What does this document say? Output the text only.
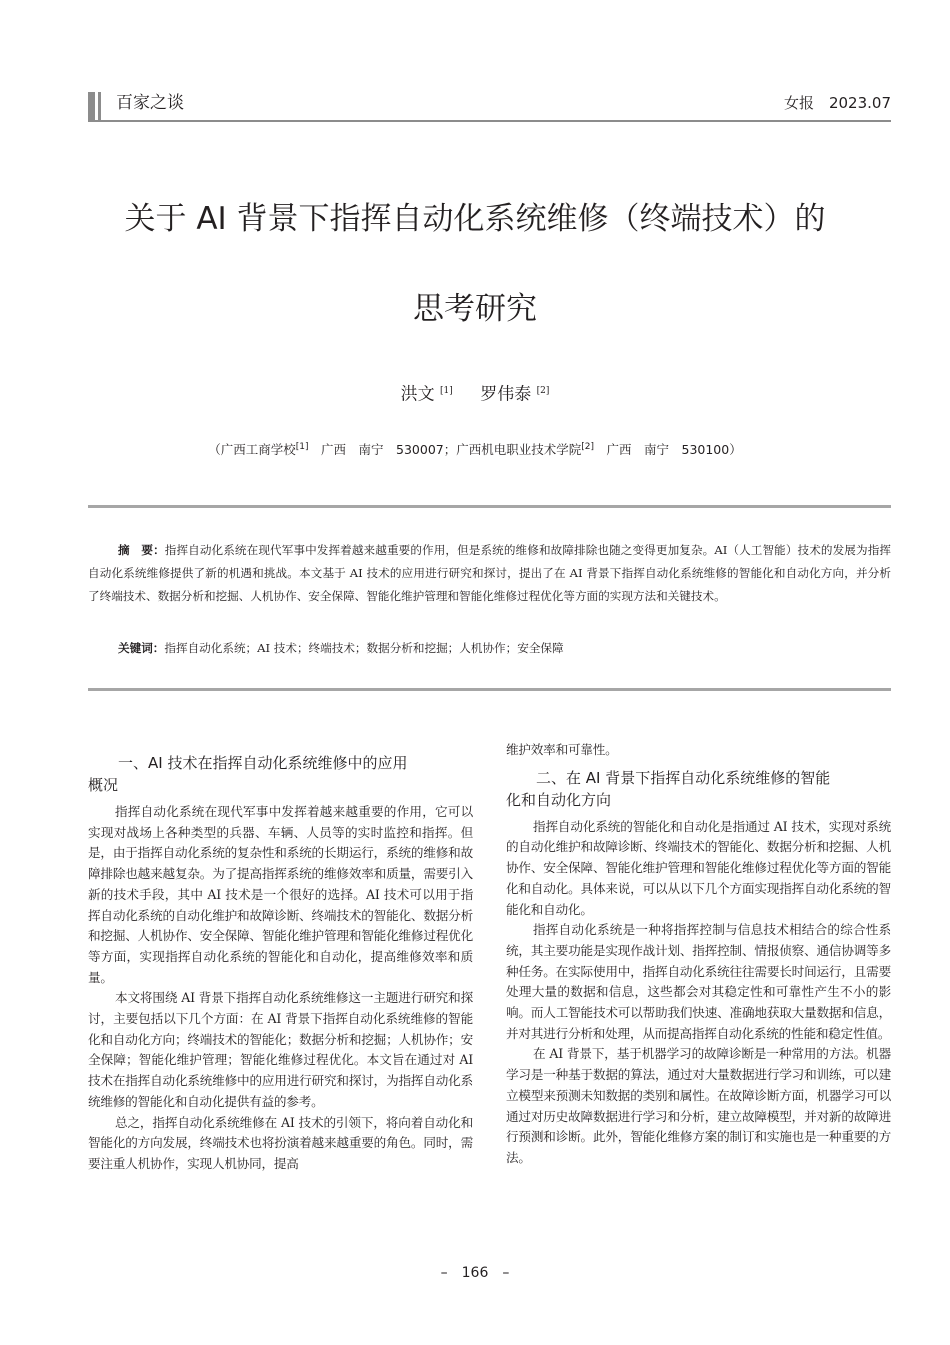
百家之谈	女报　2023.07
关于 AI 背景下指挥自动化系统维修（终端技术）的
思考研究
洪文 [1] 罗伟泰 [2]
（广西工商学校[1]　广西　南宁　530007；广西机电职业技术学院[2]　广西　南宁　530100）

摘　要：指挥自动化系统在现代军事中发挥着越来越重要的作用，但是系统的维修和故障排除也随之变得更加复杂。AI（人工智能）技术的发展为指挥自动化系统维修提供了新的机遇和挑战。本文基于 AI 技术的应用进行研究和探讨，提出了在 AI 背景下指挥自动化系统维修的智能化和自动化方向，并分析了终端技术、数据分析和挖掘、人机协作、安全保障、智能化维护管理和智能化维修过程优化等方面的实现方法和关键技术。

关键词：指挥自动化系统；AI 技术；终端技术；数据分析和挖掘；人机协作；安全保障

一、AI 技术在指挥自动化系统维修中的应用
概况

指挥自动化系统在现代军事中发挥着越来越重要的作用，它可以实现对战场上各种类型的兵器、车辆、人员等的实时监控和指挥。但是，由于指挥自动化系统的复杂性和系统的长期运行，系统的维修和故障排除也越来越复杂。为了提高指挥系统的维修效率和质量，需要引入新的技术手段，其中 AI 技术是一个很好的选择。AI 技术可以用于指挥自动化系统的自动化维护和故障诊断、终端技术的智能化、数据分析和挖掘、人机协作、安全保障、智能化维护管理和智能化维修过程优化等方面，实现指挥自动化系统的智能化和自动化，提高维修效率和质量。

本文将围绕 AI 背景下指挥自动化系统维修这一主题进行研究和探讨，主要包括以下几个方面：在 AI 背景下指挥自动化系统维修的智能化和自动化方向；终端技术的智能化；数据分析和挖掘；人机协作；安全保障；智能化维护管理；智能化维修过程优化。本文旨在通过对 AI 技术在指挥自动化系统维修中的应用进行研究和探讨，为指挥自动化系统维修的智能化和自动化提供有益的参考。

总之，指挥自动化系统维修在 AI 技术的引领下，将向着自动化和智能化的方向发展，终端技术也将扮演着越来越重要的角色。同时，需要注重人机协作，实现人机协同，提高

维护效率和可靠性。

二、在 AI 背景下指挥自动化系统维修的智能
化和自动化方向

指挥自动化系统的智能化和自动化是指通过 AI 技术，实现对系统的自动化维护和故障诊断、终端技术的智能化、数据分析和挖掘、人机协作、安全保障、智能化维护管理和智能化维修过程优化等方面的智能化和自动化。具体来说，可以从以下几个方面实现指挥自动化系统的智能化和自动化。

指挥自动化系统是一种将指挥控制与信息技术相结合的综合性系统，其主要功能是实现作战计划、指挥控制、情报侦察、通信协调等多种任务。在实际使用中，指挥自动化系统往往需要长时间运行，且需要处理大量的数据和信息，这些都会对其稳定性和可靠性产生不小的影响。而人工智能技术可以帮助我们快速、准确地获取大量数据和信息，并对其进行分析和处理，从而提高指挥自动化系统的性能和稳定性值。

在 AI 背景下，基于机器学习的故障诊断是一种常用的方法。机器学习是一种基于数据的算法，通过对大量数据进行学习和训练，可以建立模型来预测未知数据的类别和属性。在故障诊断方面，机器学习可以通过对历史故障数据进行学习和分析，建立故障模型，并对新的故障进行预测和诊断。此外，智能化维修方案的制订和实施也是一种重要的方法。

–　166　–
